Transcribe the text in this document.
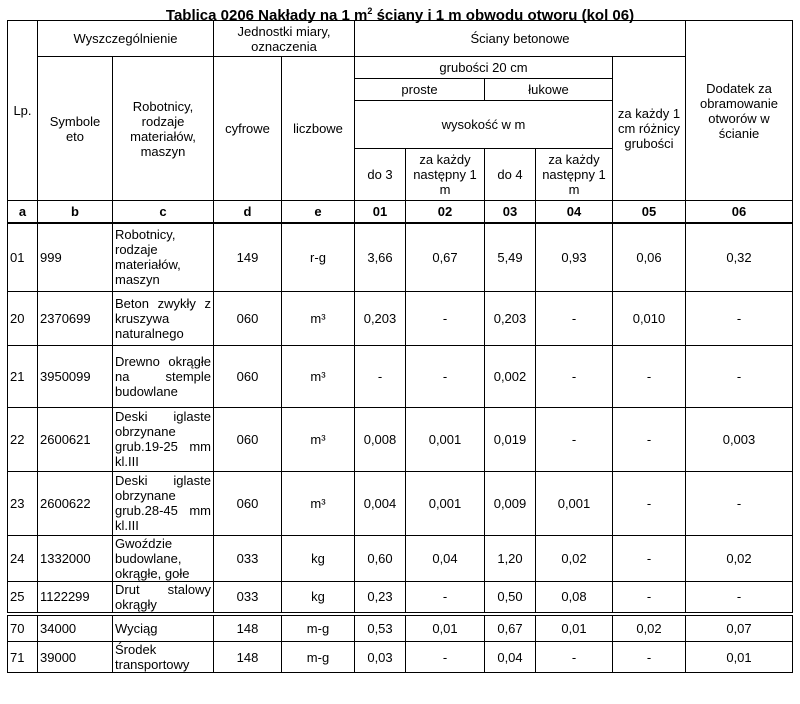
Tablica 0206 Nakłady na 1 $m^2$ ściany i 1 m obwodu otworu (kol 06)
Lp.	Wyszczególnienie		Jednostki miary, oznaczenia		Ściany betonowe					Dodatek za obramowanie otworów w ścianie
	Symbole eto	Robotnicy, rodzaje materiałów, maszyn	cyfrowe	liczbowe	grubości 20 cm				za każdy 1 cm różnicy grubości	
					proste		łukowe			
					wysokość w m					
					do 3	za każdy następny 1 m	do 4	za każdy następny 1 m		

a	b	c	d	e	01	02	03	04	05	06
01	999	Robotnicy, rodzaje materiałów, maszyn	149	r-g	3,66	0,67	5,49	0,93	0,06	0,32
20	2370699	Beton zwykły z kruszywa naturalnego	060	m³	0,203	-	0,203	-	0,010	-
21	3950099	Drewno okrągłe na stemple budowlane	060	m³	-	-	0,002	-	-	-
22	2600621	Deski iglaste obrzynane grub.19-25 mm kl.III	060	m³	0,008	0,001	0,019	-	-	0,003
23	2600622	Deski iglaste obrzynane grub.28-45 mm kl.III	060	m³	0,004	0,001	0,009	0,001	-	-
24	1332000	Gwoździe budowlane, okrągłe, gołe	033	kg	0,60	0,04	1,20	0,02	-	0,02
25	1122299	Drut stalowy okrągły	033	kg	0,23	-	0,50	0,08	-	-
70	34000	Wyciąg	148	m-g	0,53	0,01	0,67	0,01	0,02	0,07
71	39000	Środek transportowy	148	m-g	0,03	-	0,04	-	-	0,01
